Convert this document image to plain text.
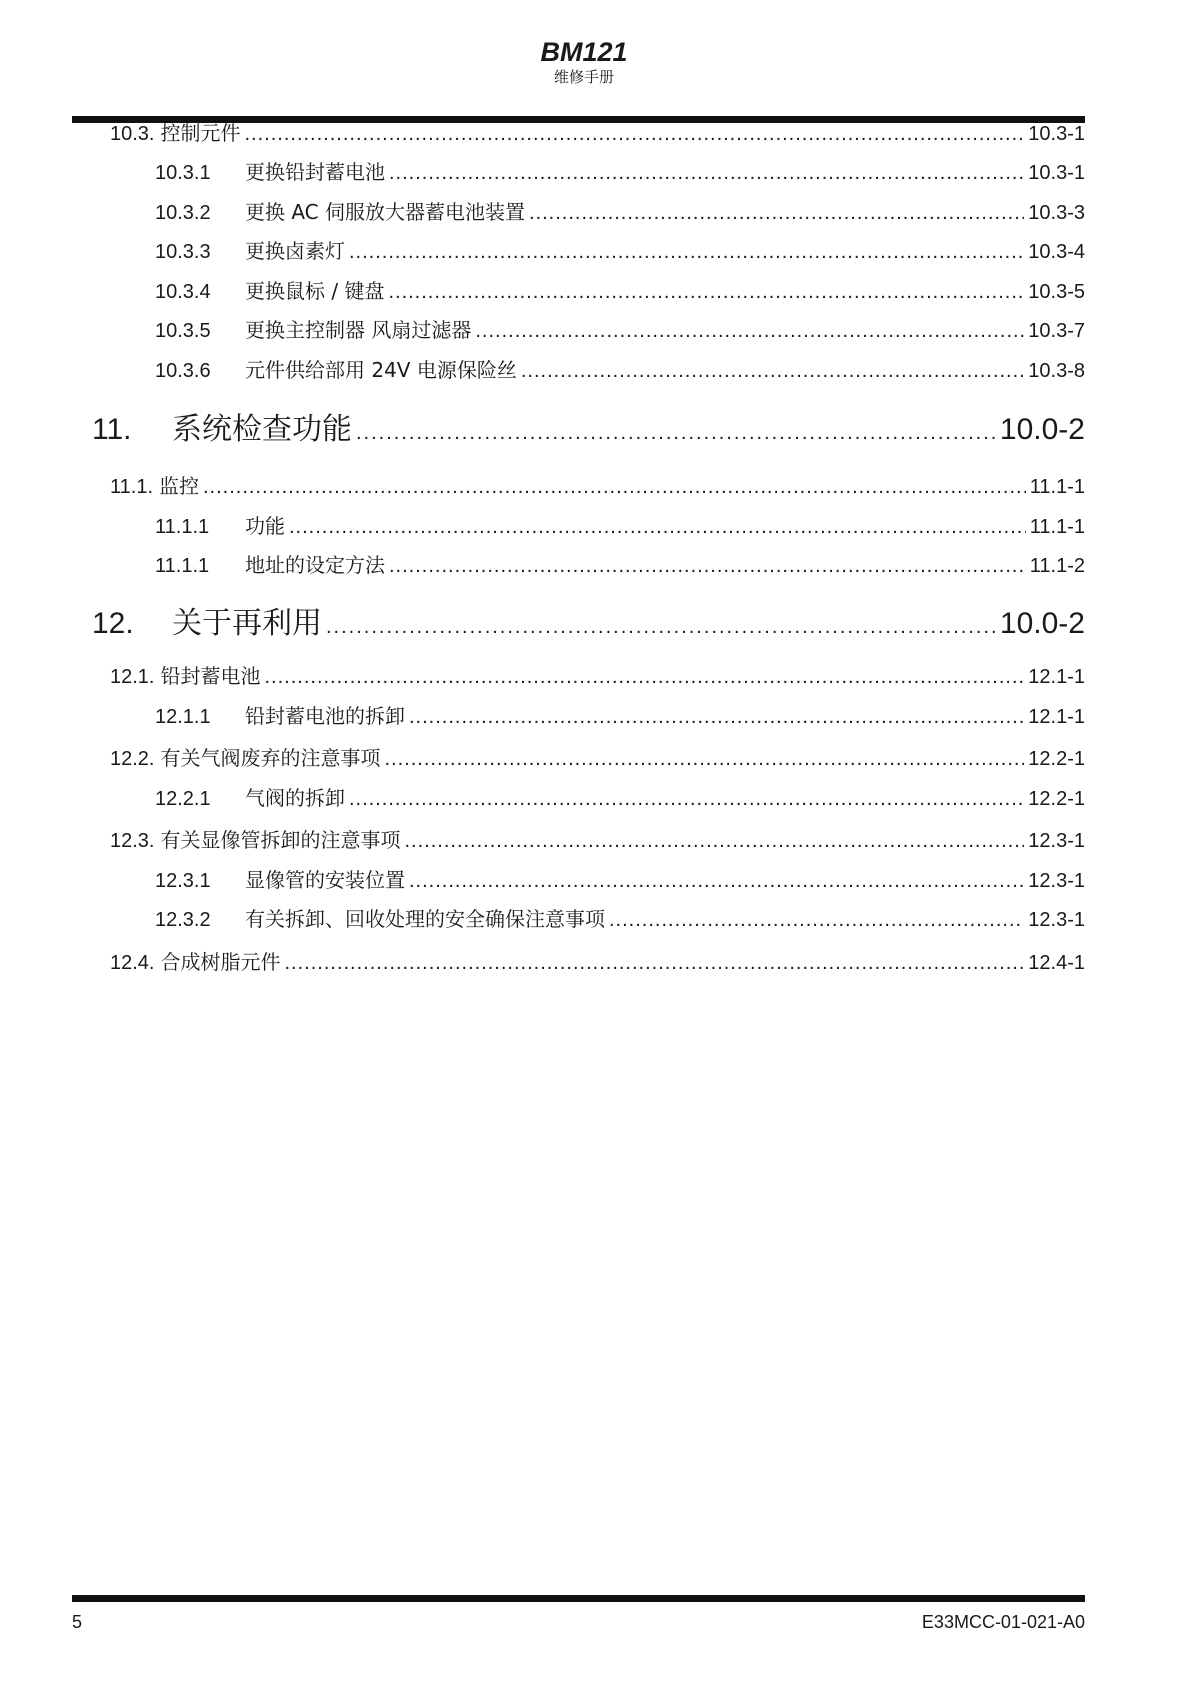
BM121
维修手册
10.3. 控制元件 .....	10.3-1
10.3.1	更换铅封蓄电池 .....	10.3-1
10.3.2	更换 AC 伺服放大器蓄电池装置 .....	10.3-3
10.3.3	更换卤素灯 .....	10.3-4
10.3.4	更换鼠标 / 键盘 .....	10.3-5
10.3.5	更换主控制器 风扇过滤器 .....	10.3-7
10.3.6	元件供给部用 24V 电源保险丝 .....	10.3-8
11.	系统检查功能 .....	10.0-2
11.1. 监控 .....	11.1-1
11.1.1	功能 .....	11.1-1
11.1.1	地址的设定方法 .....	11.1-2
12.	关于再利用 .....	10.0-2
12.1. 铅封蓄电池 .....	12.1-1
12.1.1	铅封蓄电池的拆卸 .....	12.1-1
12.2. 有关气阀废弃的注意事项 .....	12.2-1
12.2.1	气阀的拆卸 .....	12.2-1
12.3. 有关显像管拆卸的注意事项 .....	12.3-1
12.3.1	显像管的安装位置 .....	12.3-1
12.3.2	有关拆卸、回收处理的安全确保注意事项 .....	12.3-1
12.4. 合成树脂元件 .....	12.4-1
5	E33MCC-01-021-A0
